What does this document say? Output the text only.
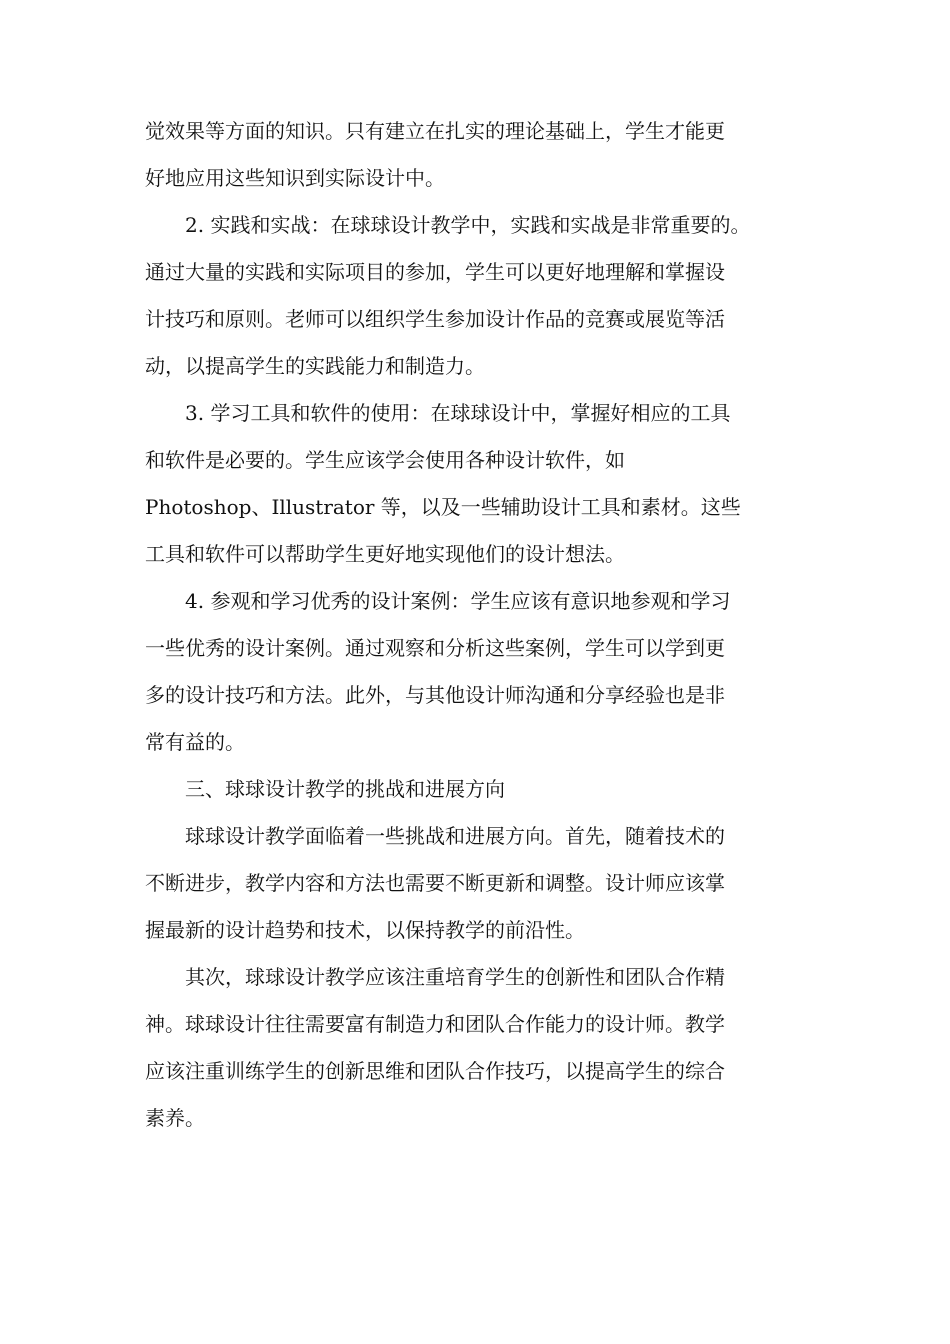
觉效果等方面的知识。只有建立在扎实的理论基础上，学生才能更
好地应用这些知识到实际设计中。

2. 实践和实战：在球球设计教学中，实践和实战是非常重要的。
通过大量的实践和实际项目的参加，学生可以更好地理解和掌握设
计技巧和原则。老师可以组织学生参加设计作品的竞赛或展览等活
动，以提高学生的实践能力和制造力。

3. 学习工具和软件的使用：在球球设计中，掌握好相应的工具
和软件是必要的。学生应该学会使用各种设计软件，如
Photoshop、Illustrator 等，以及一些辅助设计工具和素材。这些
工具和软件可以帮助学生更好地实现他们的设计想法。

4. 参观和学习优秀的设计案例：学生应该有意识地参观和学习
一些优秀的设计案例。通过观察和分析这些案例，学生可以学到更
多的设计技巧和方法。此外，与其他设计师沟通和分享经验也是非
常有益的。

三、球球设计教学的挑战和进展方向

球球设计教学面临着一些挑战和进展方向。首先，随着技术的
不断进步，教学内容和方法也需要不断更新和调整。设计师应该掌
握最新的设计趋势和技术，以保持教学的前沿性。

其次，球球设计教学应该注重培育学生的创新性和团队合作精
神。球球设计往往需要富有制造力和团队合作能力的设计师。教学
应该注重训练学生的创新思维和团队合作技巧，以提高学生的综合
素养。
